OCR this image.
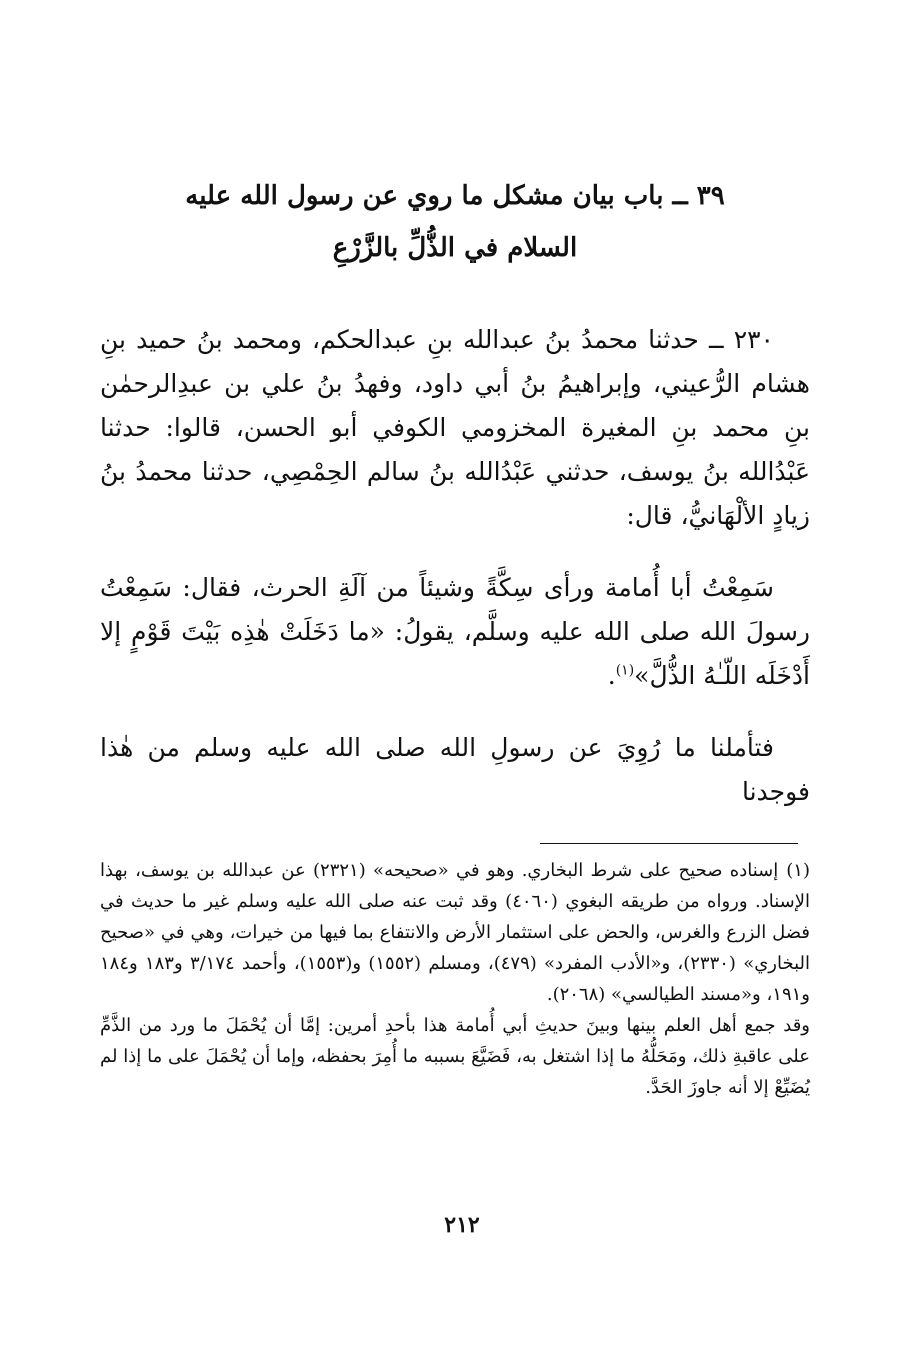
٣٩ ــ باب بيان مشكل ما روي عن رسول الله عليه
السلام في الذُّلِّ بالزَّرْعِ

٢٣٠ ــ حدثنا محمدُ بنُ عبدالله بنِ عبدالحكم، ومحمد بنُ حميد بنِ هشام الرُّعيني، وإبراهيمُ بنُ أبي داود، وفهدُ بنُ علي بن عبدِالرحمٰن بنِ محمد بنِ المغيرة المخزومي الكوفي أبو الحسن، قالوا: حدثنا عَبْدُالله بنُ يوسف، حدثني عَبْدُالله بنُ سالم الحِمْصِي، حدثنا محمدُ بنُ زيادٍ الألْهَانيُّ، قال:

سَمِعْتُ أبا أُمامة ورأى سِكَّةً وشيئاً من آلَةِ الحرث، فقال: سَمِعْتُ رسولَ الله صلى الله عليه وسلَّم، يقولُ: «ما دَخَلَتْ هٰذِه بَيْتَ قَوْمٍ إلا أَدْخَلَه اللّـٰهُ الذُّلَّ»$^{(١)}$.

فتأملنا ما رُوِيَ عن رسولِ الله صلى الله عليه وسلم من هٰذا فوجدنا

(١)إسناده صحيح على شرط البخاري. وهو في «صحيحه» (٢٣٢١) عن عبدالله بن يوسف، بهذا الإسناد. ورواه من طريقه البغوي (٤٠٦٠) وقد ثبت عنه صلى الله عليه وسلم غير ما حديث في فضل الزرع والغرس، والحض على استثمار الأرض والانتفاع بما فيها من خيرات، وهي في «صحيح البخاري» (٢٣٣٠)، و«الأدب المفرد» (٤٧٩)، ومسلم (١٥٥٢) و(١٥٥٣)، وأحمد ٣/١٧٤ و١٨٣ و١٨٤ و١٩١، و«مسند الطيالسي» (٢٠٦٨).

وقد جمع أهل العلم بينها وبينَ حديثِ أبي أُمامة هذا بأحدِ أمرين: إمَّا أن يُحْمَلَ ما ورد من الذَّمِّ على عاقبةِ ذلك، ومَحَلُّهُ ما إذا اشتغل به، فَضَيَّعَ بسببه ما أُمِرَ بحفظه، وإما أن يُحْمَلَ على ما إذا لم يُضَيِّعْ إلا أنه جاوزَ الحَدَّ.

٢١٢
